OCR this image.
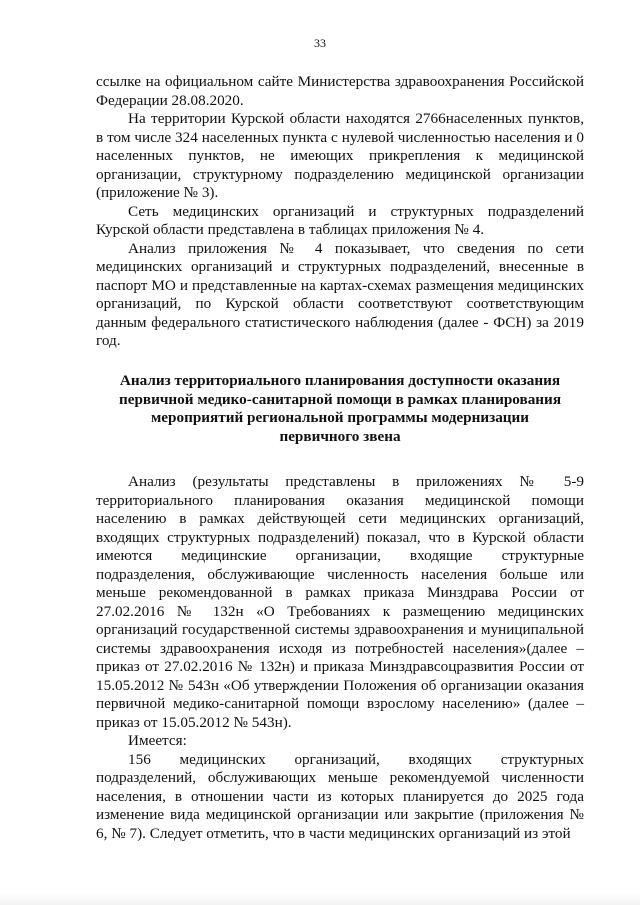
33

ссылке на официальном сайте Министерства здравоохранения Российской Федерации 28.08.2020.

На территории Курской области находятся 2766населенных пунктов, в том числе 324 населенных пункта с нулевой численностью населения и 0 населенных пунктов, не имеющих прикрепления к медицинской организации, структурному подразделению медицинской организации (приложение № 3).

Сеть медицинских организаций и структурных подразделений Курской области представлена в таблицах приложения № 4.

Анализ приложения № 4 показывает, что сведения по сети медицинских организаций и структурных подразделений, внесенные в паспорт МО и представленные на картах-схемах размещения медицинских организаций, по Курской области соответствуют соответствующим данным федерального статистического наблюдения (далее - ФСН) за 2019 год.

Анализ территориального планирования доступности оказания первичной медико-санитарной помощи в рамках планирования мероприятий региональной программы модернизации первичного звена

Анализ (результаты представлены в приложениях № 5-9 территориального планирования оказания медицинской помощи населению в рамках действующей сети медицинских организаций, входящих структурных подразделений) показал, что в Курской области имеются медицинские организации, входящие структурные подразделения, обслуживающие численность населения больше или меньше рекомендованной в рамках приказа Минздрава России от 27.02.2016 № 132н «О Требованиях к размещению медицинских организаций государственной системы здравоохранения и муниципальной системы здравоохранения исходя из потребностей населения»(далее – приказ от 27.02.2016 № 132н) и приказа Минздравсоцразвития России от 15.05.2012 № 543н «Об утверждении Положения об организации оказания первичной медико-санитарной помощи взрослому населению» (далее – приказ от 15.05.2012 № 543н).

Имеется:

156 медицинских организаций, входящих структурных подразделений, обслуживающих меньше рекомендуемой численности населения, в отношении части из которых планируется до 2025 года изменение вида медицинской организации или закрытие (приложения № 6, № 7). Следует отметить, что в части медицинских организаций из этой
